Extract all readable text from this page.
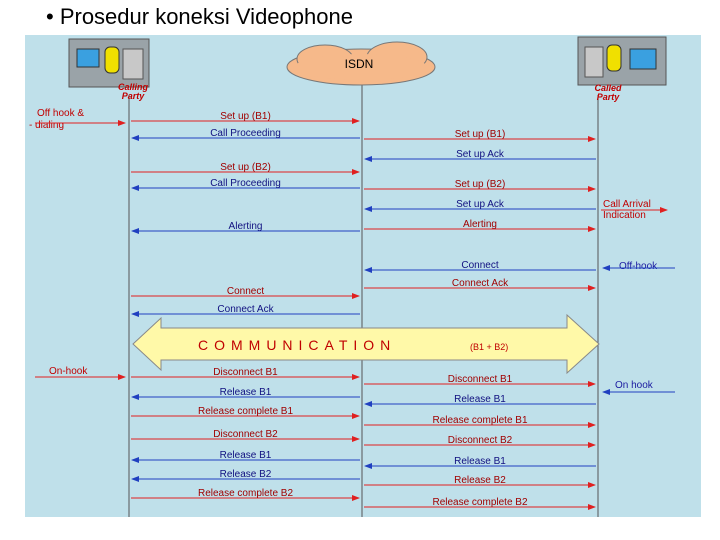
• Prosedur koneksi Videophone
ISDN
Calling
Party
Called
Party
Off hook &
- dialing
Call Arrival
Indication
Off-hook
On-hook
On hook
COMMUNICATION	(B1 + B2)
Set up (B1)
Call Proceeding
Set up (B2)
Call Proceeding
Alerting
Connect
Connect Ack
Disconnect B1
Release B1
Release complete B1
Disconnect B2
Release B1
Release B2
Release complete B2
Set up (B1)
Set up Ack
Set up (B2)
Set up Ack
Alerting
Connect
Connect Ack
Disconnect B1
Release B1
Release complete B1
Disconnect B2
Release B1
Release B2
Release complete B2
